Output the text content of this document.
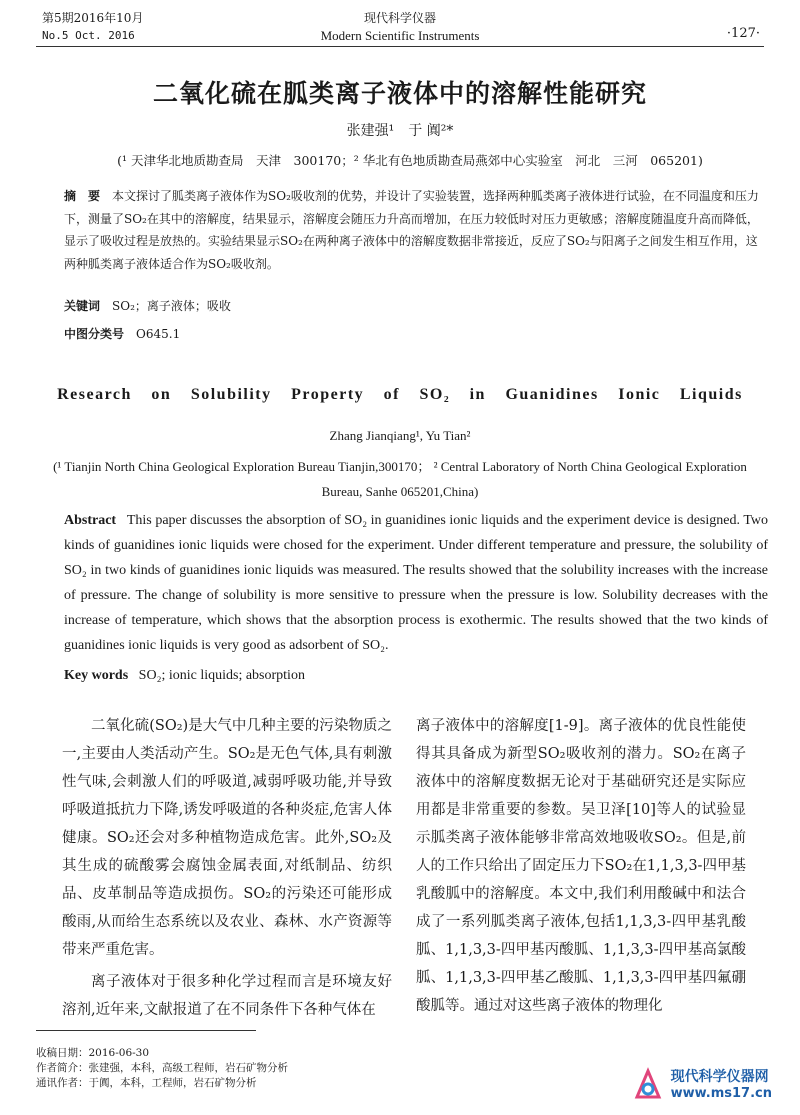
第5期2016年10月
No.5 Oct. 2016
现代科学仪器
Modern Scientific Instruments	·127·
二氧化硫在胍类离子液体中的溶解性能研究
张建强¹　于 阗²*
(¹ 天津华北地质勘查局　天津　300170；² 华北有色地质勘查局燕郊中心实验室　河北　三河　065201)
摘　要　 本文探讨了胍类离子液体作为SO₂吸收剂的优势，并设计了实验装置，选择两种胍类离子液体进行试验，在不同温度和压力下，测量了SO₂在其中的溶解度，结果显示，溶解度会随压力升高而增加，在压力较低时对压力更敏感；溶解度随温度升高而降低，显示了吸收过程是放热的。实验结果显示SO₂在两种离子液体中的溶解度数据非常接近，反应了SO₂与阳离子之间发生相互作用，这两种胍类离子液体适合作为SO₂吸收剂。
关键词　 SO₂；离子液体；吸收
中图分类号　 O645.1
Research on Solubility Property of SO₂ in Guanidines Ionic Liquids
Zhang Jianqiang¹, Yu Tian²
(¹ Tianjin North China Geological Exploration Bureau Tianjin,300170； ² Central Laboratory of North China Geological Exploration Bureau, Sanhe 065201,China)
Abstract This paper discusses the absorption of SO₂ in guanidines ionic liquids and the experiment device is designed. Two kinds of guanidines ionic liquids were chosed for the experiment. Under different temperature and pressure, the solubility of SO₂ in two kinds of guanidines ionic liquids was measured. The results showed that the solubility increases with the increase of pressure. The change of solubility is more sensitive to pressure when the pressure is low. Solubility decreases with the increase of temperature, which shows that the absorption process is exothermic. The results showed that the two kinds of guanidines ionic liquids is very good as adsorbent of SO₂.
Key words SO₂; ionic liquids; absorption
二氧化硫(SO₂)是大气中几种主要的污染物质之一,主要由人类活动产生。SO₂是无色气体,具有刺激性气味,会刺激人们的呼吸道,减弱呼吸功能,并导致呼吸道抵抗力下降,诱发呼吸道的各种炎症,危害人体健康。SO₂还会对多种植物造成危害。此外,SO₂及其生成的硫酸雾会腐蚀金属表面,对纸制品、纺织品、皮革制品等造成损伤。SO₂的污染还可能形成酸雨,从而给生态系统以及农业、森林、水产资源等带来严重危害。
离子液体对于很多种化学过程而言是环境友好溶剂,近年来,文献报道了在不同条件下各种气体在
离子液体中的溶解度[1-9]。离子液体的优良性能使得其具备成为新型SO₂吸收剂的潜力。SO₂在离子液体中的溶解度数据无论对于基础研究还是实际应用都是非常重要的参数。吴卫泽[10]等人的试验显示胍类离子液体能够非常高效地吸收SO₂。但是,前人的工作只给出了固定压力下SO₂在1,1,3,3-四甲基乳酸胍中的溶解度。本文中,我们利用酸碱中和法合成了一系列胍类离子液体,包括1,1,3,3-四甲基乳酸胍、1,1,3,3-四甲基丙酸胍、1,1,3,3-四甲基高氯酸胍、1,1,3,3-四甲基乙酸胍、1,1,3,3-四甲基四氟硼酸胍等。通过对这些离子液体的物理化
收稿日期：2016-06-30
作者简介：张建强，本科，高级工程师，岩石矿物分析
通讯作者：于阗，本科，工程师，岩石矿物分析	现代科学仪器网
www.ms17.cn
